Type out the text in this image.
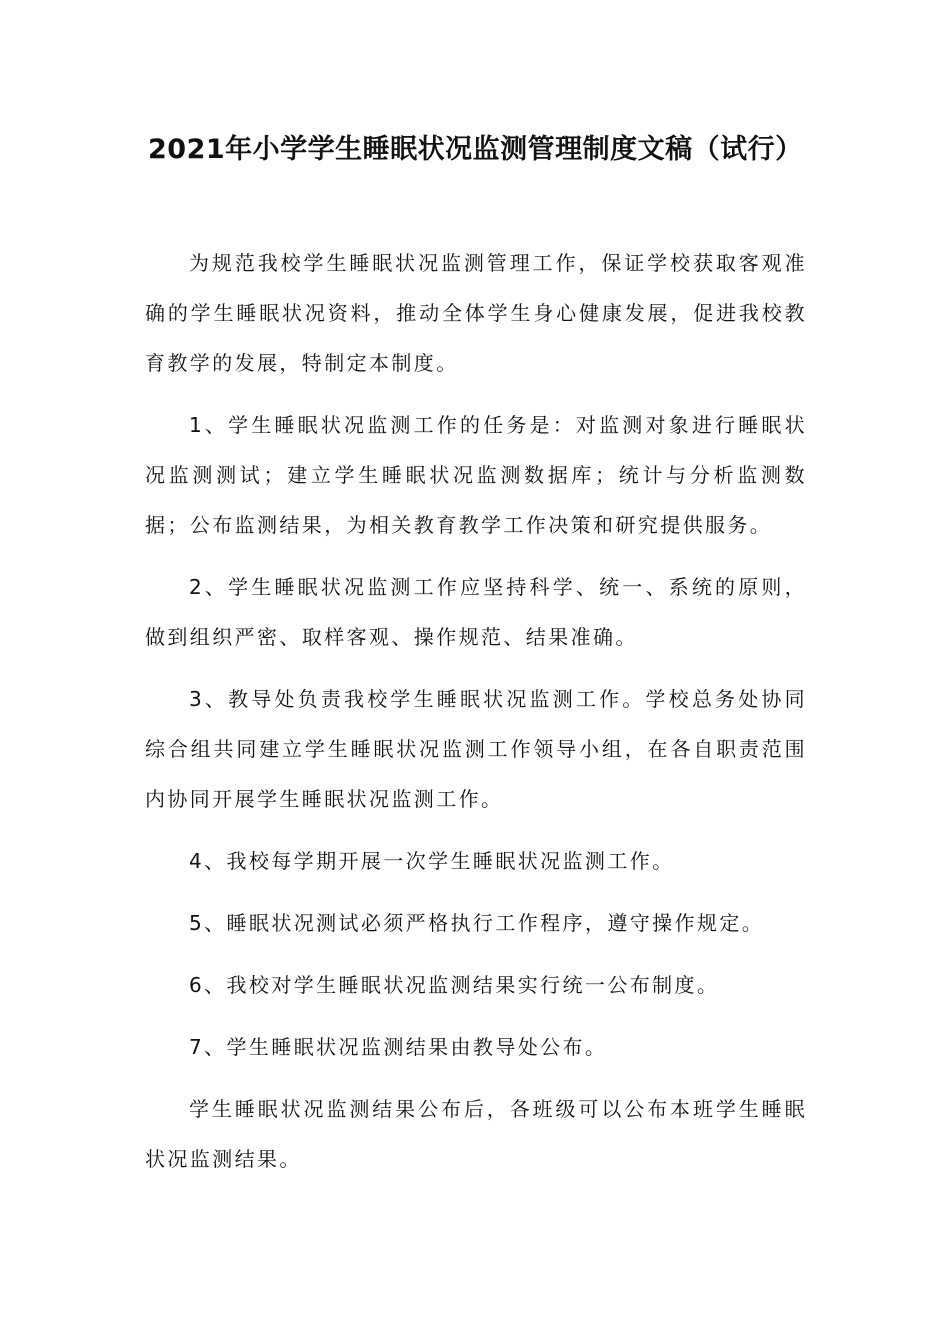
2021年小学学生睡眠状况监测管理制度文稿（试行）

为规范我校学生睡眠状况监测管理工作，保证学校获取客观准确的学生睡眠状况资料，推动全体学生身心健康发展，促进我校教育教学的发展，特制定本制度。

1、学生睡眠状况监测工作的任务是：对监测对象进行睡眠状况监测测试；建立学生睡眠状况监测数据库；统计与分析监测数据；公布监测结果，为相关教育教学工作决策和研究提供服务。

2、学生睡眠状况监测工作应坚持科学、统一、系统的原则，做到组织严密、取样客观、操作规范、结果准确。

3、教导处负责我校学生睡眠状况监测工作。学校总务处协同综合组共同建立学生睡眠状况监测工作领导小组，在各自职责范围内协同开展学生睡眠状况监测工作。

4、我校每学期开展一次学生睡眠状况监测工作。

5、睡眠状况测试必须严格执行工作程序，遵守操作规定。

6、我校对学生睡眠状况监测结果实行统一公布制度。

7、学生睡眠状况监测结果由教导处公布。

学生睡眠状况监测结果公布后，各班级可以公布本班学生睡眠状况监测结果。
